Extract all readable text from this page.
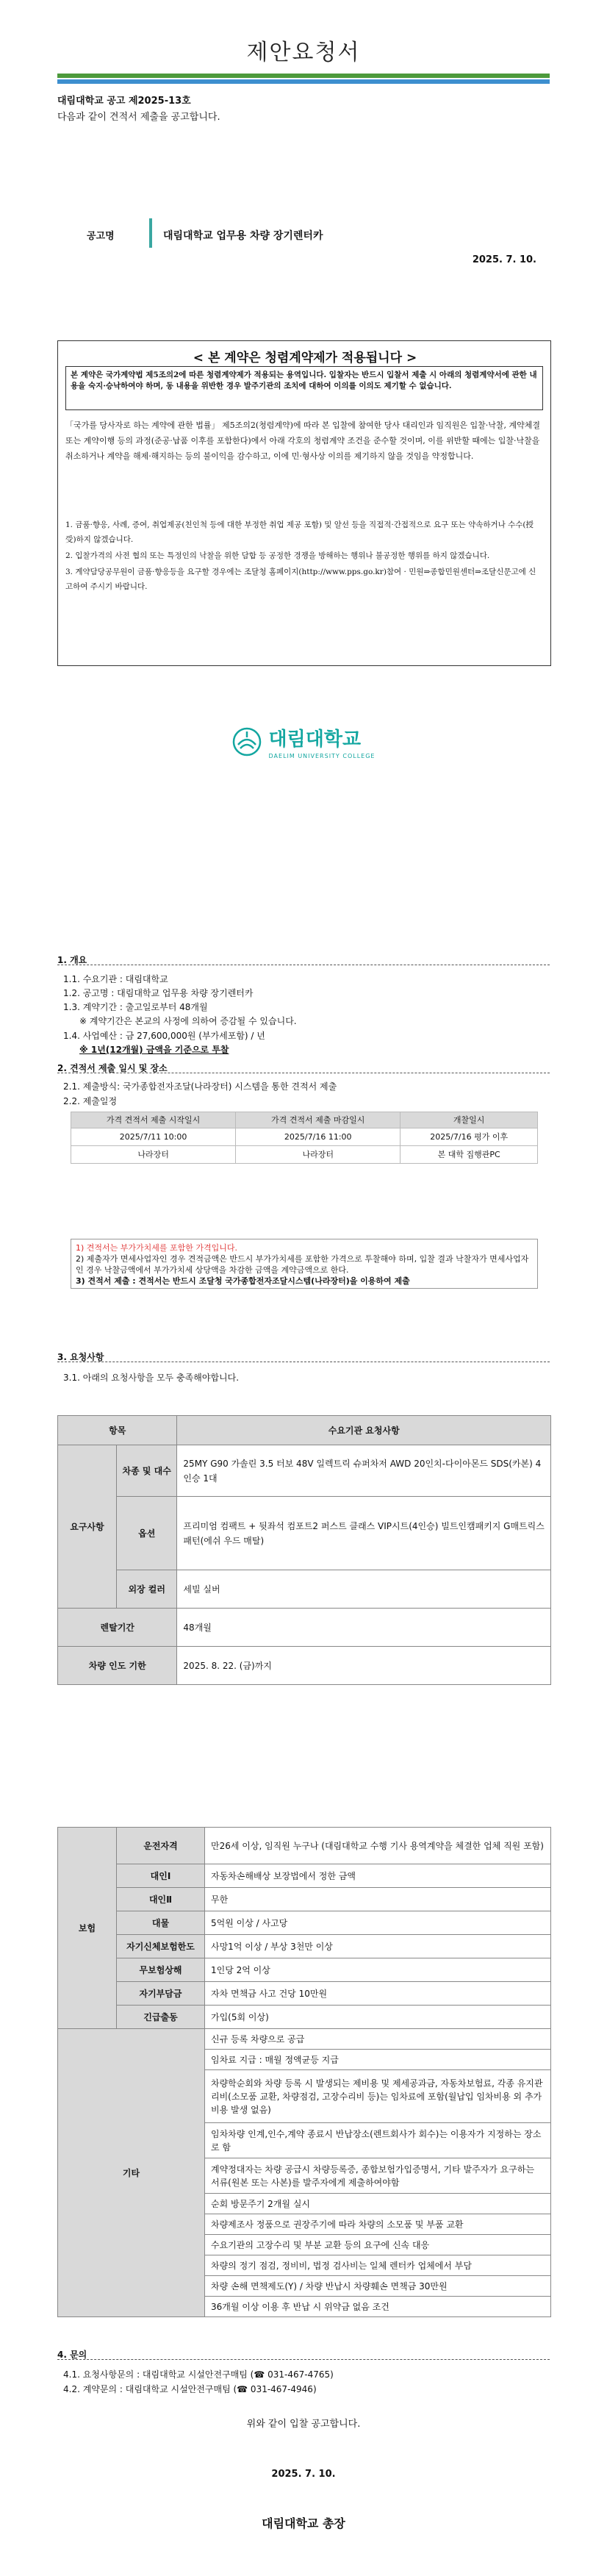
제안요청서
대림대학교 공고 제2025-13호
다음과 같이 견적서 제출을 공고합니다.
공고명	대림대학교 업무용 차량 장기렌터카
2025. 7. 10.
< 본 계약은 청렴계약제가 적용됩니다 >
본 계약은 국가계약법 제5조의2에 따른 청렴계약제가 적용되는 용역입니다. 입찰자는 반드시 입찰서 제출 시 아래의 청렴계약서에 관한 내용을 숙지·승낙하여야 하며, 동 내용을 위반한 경우 발주기관의 조치에 대하여 이의를 이의도 제기할 수 없습니다.
「국가를 당사자로 하는 계약에 관한 법률」 제5조의2(청렴계약)에 따라 본 입찰에 참여한 당사 대리인과 임직원은 입찰·낙찰, 계약체결 또는 계약이행 등의 과정(준공·납품 이후를 포함한다)에서 아래 각호의 청렴계약 조건을 준수할 것이며, 이를 위반할 때에는 입찰·낙찰을 취소하거나 계약을 해제·해지하는 등의 불이익을 감수하고, 이에 민·형사상 이의를 제기하지 않을 것임을 약정합니다.

1. 금품·향응, 사례, 증여, 취업제공(친인척 등에 대한 부정한 취업 제공 포함) 및 알선 등을 직접적·간접적으로 요구 또는 약속하거나 수수(授受)하지 않겠습니다.

2. 입찰가격의 사전 협의 또는 특정인의 낙찰을 위한 담합 등 공정한 경쟁을 방해하는 행위나 불공정한 행위를 하지 않겠습니다.

3. 계약담당공무원이 금품·향응등을 요구할 경우에는 조달청 홈페이지(http://www.pps.go.kr)참여 · 민원⇒종합민원센터⇒조달신문고에 신고하여 주시기 바랍니다.

대림대학교
DAELIM UNIVERSITY COLLEGE
1. 개요
1.1. 수요기관 : 대림대학교
1.2. 공고명 : 대림대학교 업무용 차량 장기렌터카
1.3. 계약기간 : 출고일로부터 48개월
※ 계약기간은 본교의 사정에 의하여 증감될 수 있습니다.
1.4. 사업예산 : 금 27,600,000원 (부가세포함) / 년
※ 1년(12개월) 금액을 기준으로 투찰
2. 견적서 제출 일시 및 장소
2.1. 제출방식: 국가종합전자조달(나라장터) 시스템을 통한 견적서 제출
2.2. 제출일정
가격 견적서 제출 시작일시	가격 견적서 제출 마감일시	개찰일시
2025/7/11 10:00	2025/7/16 11:00	2025/7/16 평가 이후
나라장터	나라장터	본 대학 집행관PC
1) 견적서는 부가가치세를 포함한 가격입니다.
2) 제출자가 면세사업자인 경우 견적금액은 반드시 부가가치세를 포함한 가격으로 투찰해야 하며, 입찰 결과 낙찰자가 면세사업자인 경우 낙찰금액에서 부가가치세 상당액을 차감한 금액을 계약금액으로 한다.
3) 견적서 제출 : 견적서는 반드시 조달청 국가종합전자조달시스템(나라장터)을 이용하여 제출
3. 요청사항
3.1. 아래의 요청사항을 모두 충족해야합니다.
항목		수요기관 요청사항
요구사항	차종 및 대수	25MY G90 가솔린 3.5 터보 48V 일렉트릭 슈퍼차저 AWD 20인치-다이아몬드 SDS(카본) 4인승 1대
	옵션	프리미엄 컴팩트 + 뒷좌석 컴포트2 퍼스트 클래스 VIP시트(4인승) 빌트인캠패키지 G매트릭스 패턴(에쉬 우드 매탈)
	외장 컬러	세빌 실버
렌탈기간		48개월
차량 인도 기한		2025. 8. 22. (금)까지
보험	운전자격	만26세 이상, 임직원 누구나 (대림대학교 수행 기사 용역계약을 체결한 업체 직원 포함)
	대인Ⅰ	자동차손해배상 보장법에서 정한 금액
	대인Ⅱ	무한
	대물	5억원 이상 / 사고당
	자기신체보험한도	사망1억 이상 / 부상 3천만 이상
	무보험상해	1인당 2억 이상
	자기부담금	자차 면책금 사고 건당 10만원
	긴급출동	가입(5회 이상)
기타		신규 등록 차량으로 공급
		임차료 지급 : 매월 정액균등 지급
		차량학순회와 차량 등록 시 발생되는 제비용 및 제세공과금, 자동차보험료, 각종 유지관리비(소모품 교환, 차량점검, 고장수리비 등)는 임차료에 포함(월납입 임차비용 외 추가비용 발생 없음)
		임차차량 인계,인수,계약 종료시 반납장소(렌트회사가 회수)는 이용자가 지정하는 장소로 함
		계약정대자는 차량 공급시 차량등록증, 종합보험가입증명서, 기타 발주자가 요구하는 서류(원본 또는 사본)를 발주자에게 제출하여야함
		순회 방문주기 2개월 실시
		차량제조사 정품으로 권장주기에 따라 차량의 소모품 및 부품 교환
		수요기관의 고장수리 및 부분 교환 등의 요구에 신속 대응
		차량의 정기 점검, 정비비, 법정 검사비는 일체 렌터카 업체에서 부담
		차량 손해 면책제도(Y) / 차량 반납시 차량훼손 면책금 30만원
		36개월 이상 이용 후 반납 시 위약금 없음 조건
4. 문의
4.1. 요청사항문의 : 대림대학교 시설안전구매팀 (☎ 031-467-4765)
4.2. 계약문의 : 대림대학교 시설안전구매팀 (☎ 031-467-4946)
위와 같이 입찰 공고합니다.
2025. 7. 10.
대림대학교 총장
